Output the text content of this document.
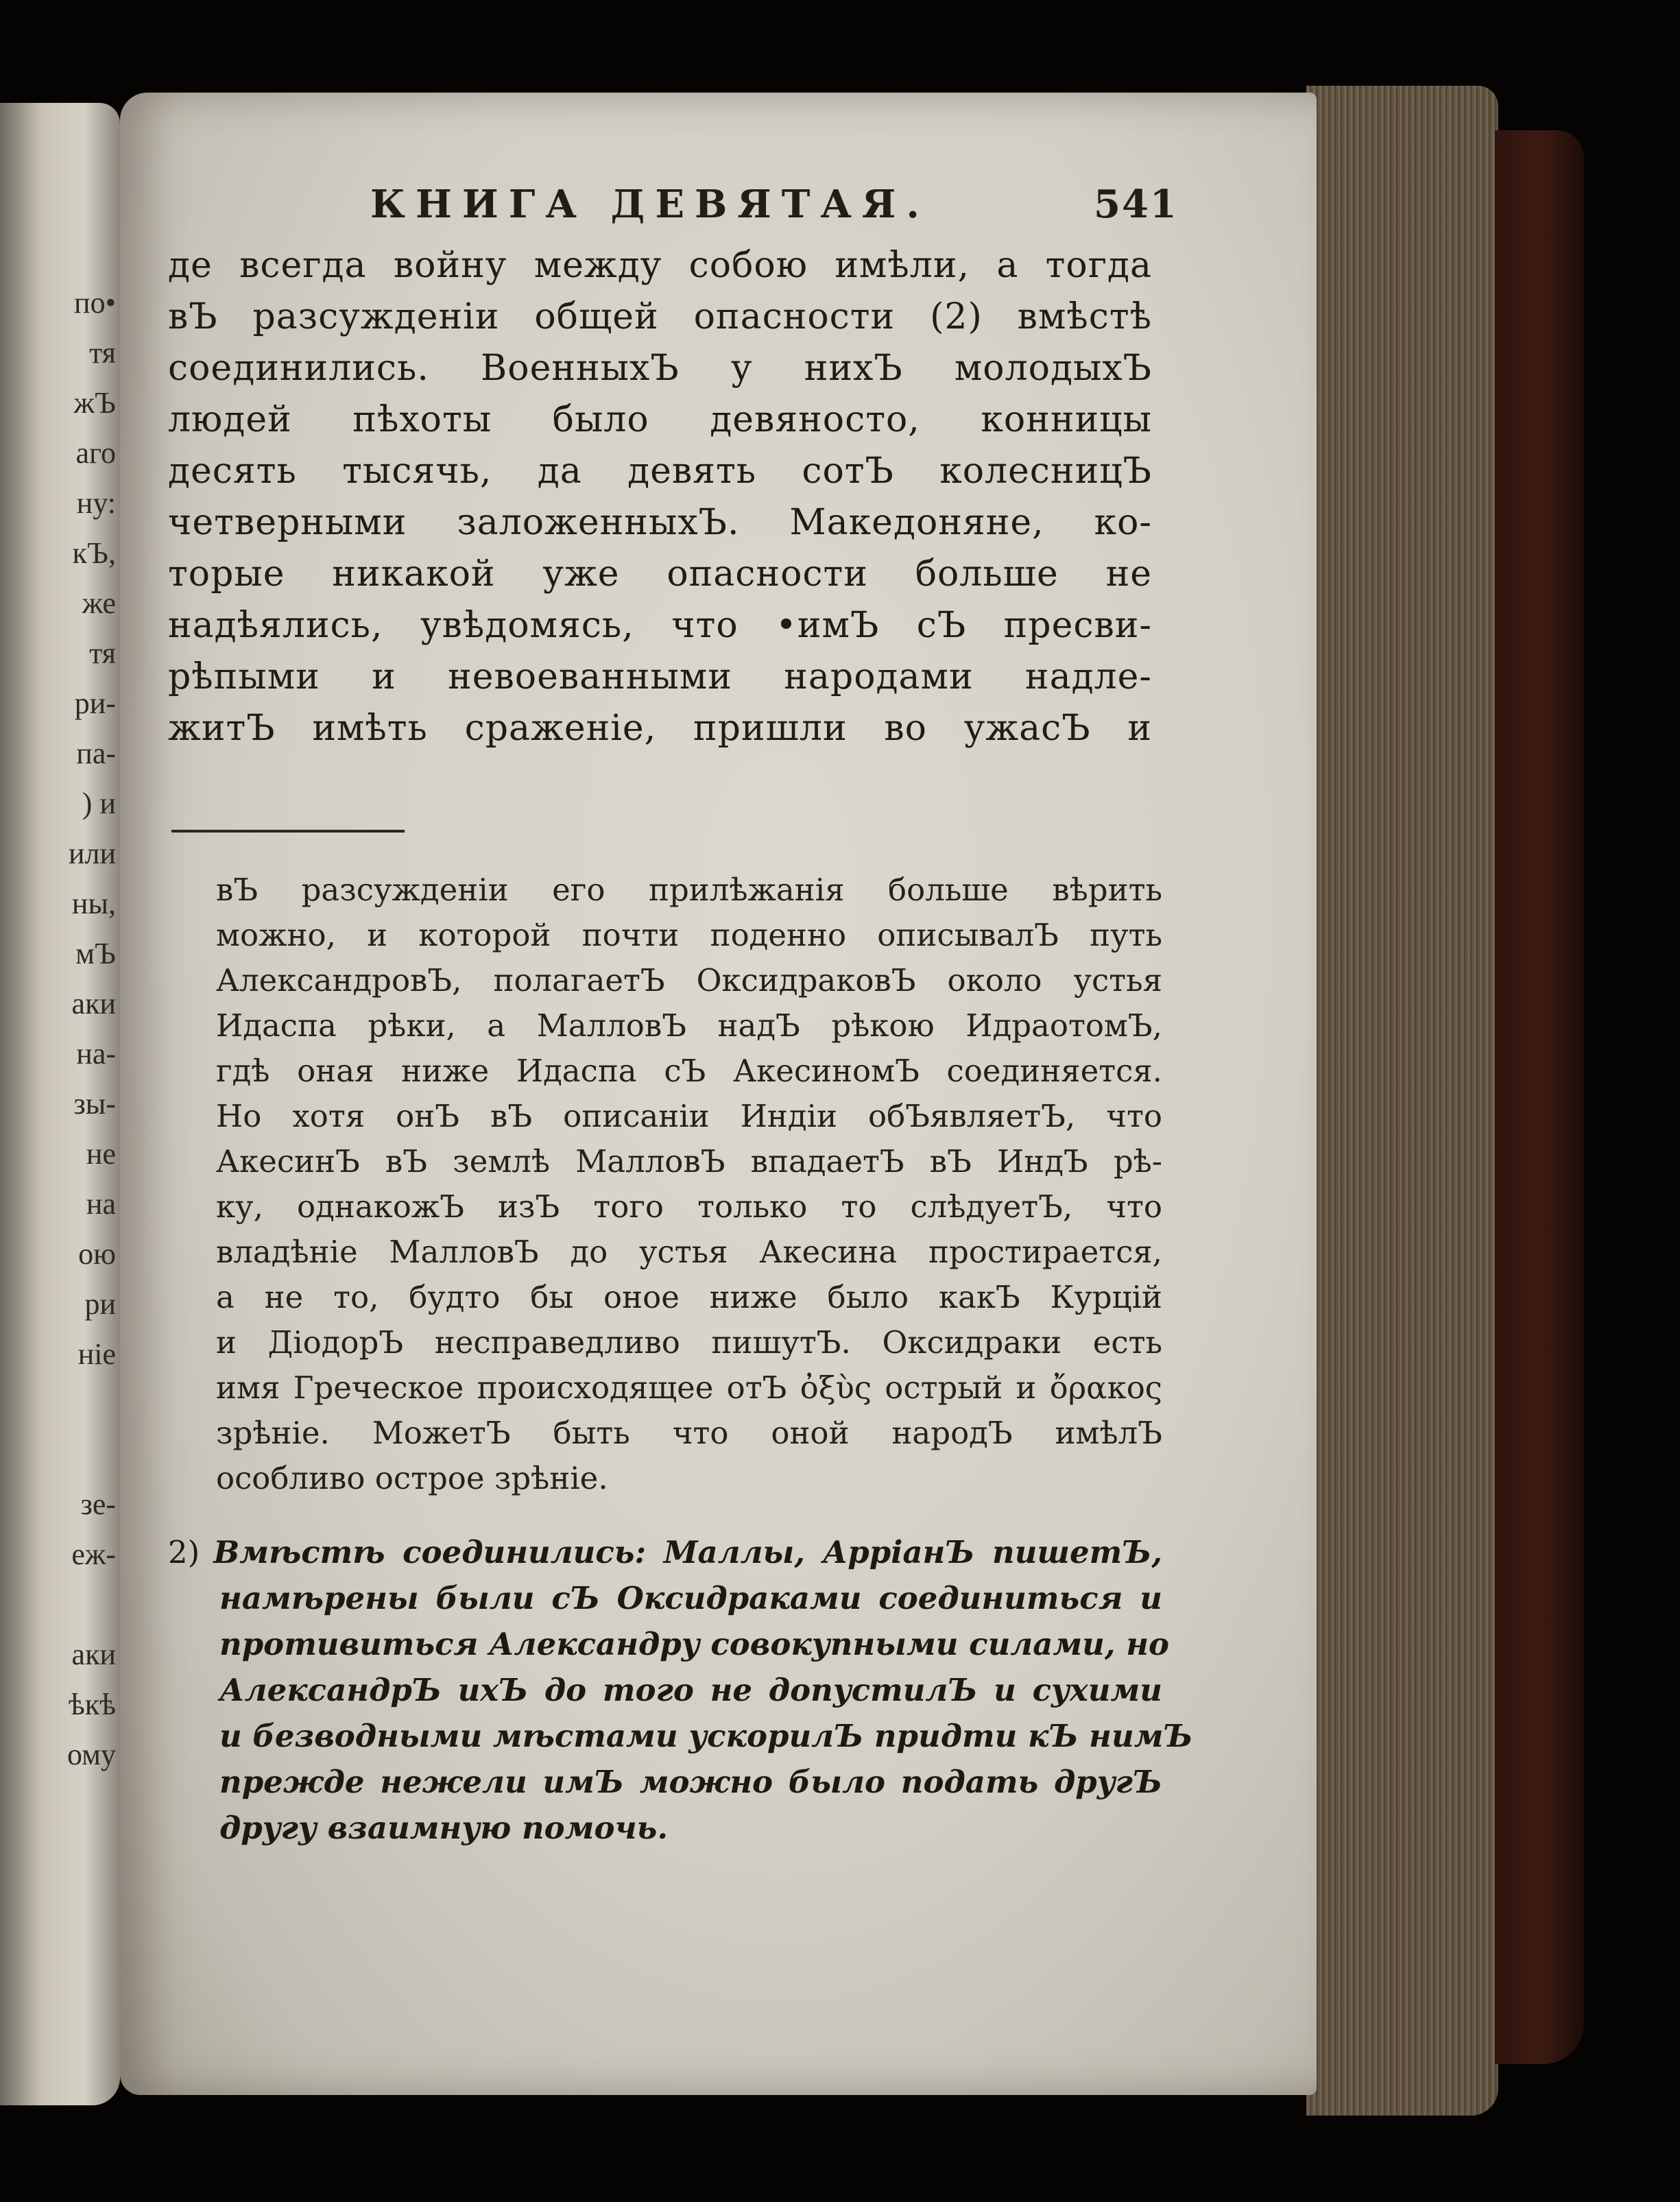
по•
тя
жЪ
аго
ну:
кЪ,
же
тя
ри-
па-
) и
или
ны,
мЪ
аки
на-
зы-
не
на
ою
ри
ніе
зе-
еж-
аки
ѣкѣ
ому
КНИГА ДЕВЯТАЯ.	541
де всегда войну между собою имѣли, а тогда
вЪ разсужденіи общей опасности (2) вмѣстѣ
соединились. ВоенныхЪ у нихЪ молодыхЪ
людей пѣхоты было девяносто, конницы
десять тысячь, да девять сотЪ колесницЪ
четверными заложенныхЪ. Македоняне, ко-
торые никакой уже опасности больше не
надѣялись, увѣдомясь, что •имЪ сЪ пресви-
рѣпыми и невоеванными народами надле-
житЪ имѣть сраженіе, пришли во ужасЪ и
вЪ разсужденіи его прилѣжанія больше вѣрить
можно, и которой почти поденно описывалЪ путь
АлександровЪ, полагаетЪ ОксидраковЪ около устья
Идаспа рѣки, а МалловЪ надЪ рѣкою ИдраотомЪ,
гдѣ оная ниже Идаспа сЪ АкесиномЪ соединяется.
Но хотя онЪ вЪ описаніи Индіи обЪявляетЪ, что
АкесинЪ вЪ землѣ МалловЪ впадаетЪ вЪ ИндЪ рѣ-
ку, однакожЪ изЪ того только то слѣдуетЪ, что
владѣніе МалловЪ до устья Акесина простирается,
а не то, будто бы оное ниже было какЪ Курцій
и ДіодорЪ несправедливо пишутЪ. Оксидраки есть
имя Греческое происходящее отЪ ὀξὺς острый и ὄρακος
зрѣніе. МожетЪ быть что оной народЪ имѣлЪ
особливо острое зрѣніе.
2) Вмѣстѣ соединились: Маллы, АрріанЪ пишетЪ,
намѣрены были сЪ Оксидраками соединиться и
противиться Александру совокупными силами, но
АлександрЪ ихЪ до того не допустилЪ и сухими
и безводными мѣстами ускорилЪ придти кЪ нимЪ
прежде нежели имЪ можно было подать другЪ
другу взаимную помочь.
